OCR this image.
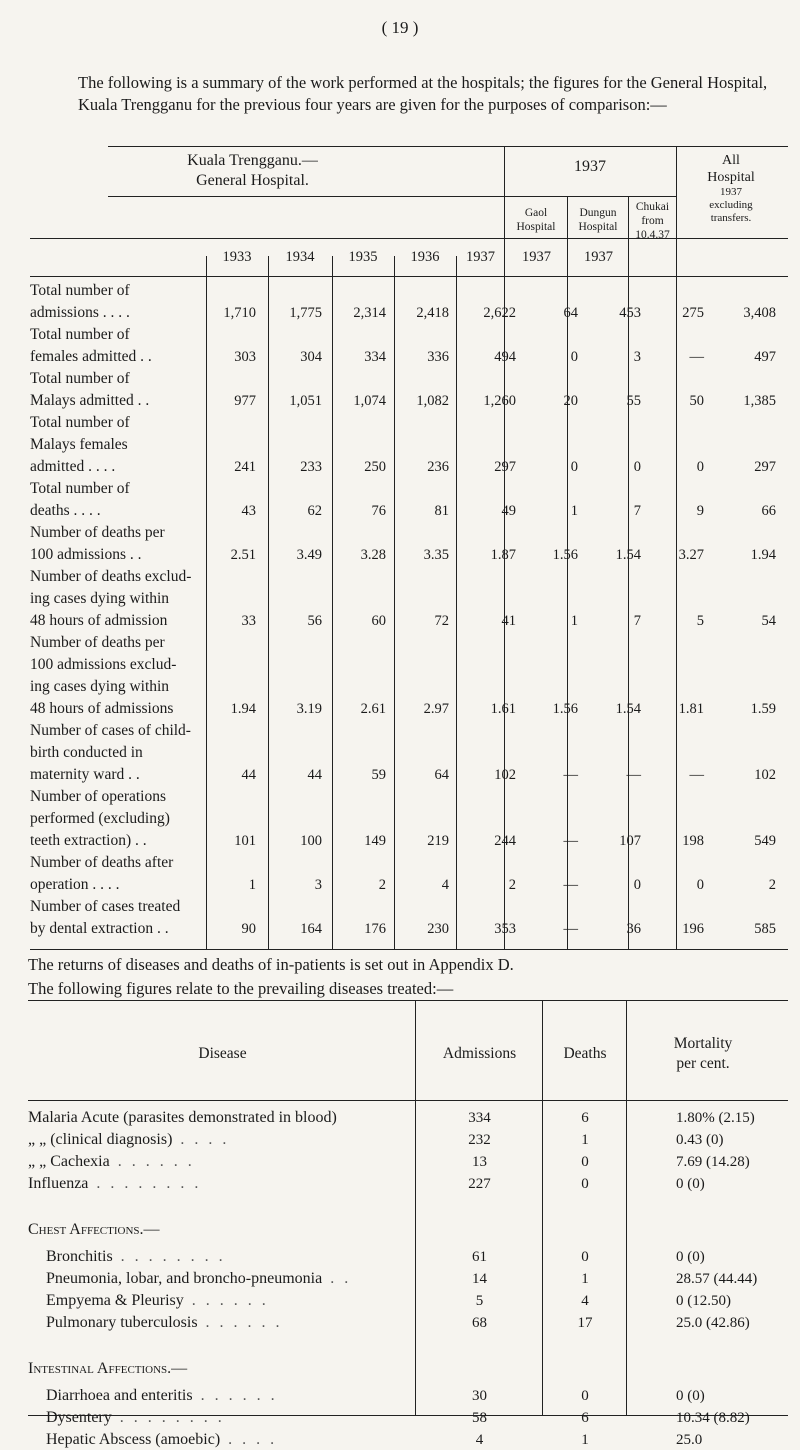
( 19 )
The following is a summary of the work performed at the hospitals; the figures for the General Hospital, Kuala Trengganu for the previous four years are given for the purposes of comparison:—
Kuala Trengganu.—
General Hospital.
1937	All
Hospital
1937
excluding
transfers.
Gaol
Hospital
Dungun
Hospital
Chukai
from
10.4.37
1933	1934	1935	1936	1937	1937	1937
Total number of
admissions . . . .	1,710	1,775	2,314	2,418	2,622	64	453	275	3,408
Total number of
females admitted . .	303	304	334	336	494	0	3	—	497
Total number of
Malays admitted . .	977	1,051	1,074	1,082	1,260	20	55	50	1,385
Total number of
Malays females
admitted . . . .	241	233	250	236	297	0	0	0	297
Total number of
deaths . . . .	43	62	76	81	49	1	7	9	66
Number of deaths per
100 admissions . .	2.51	3.49	3.28	3.35	1.87	1.56	1.54	3.27	1.94
Number of deaths exclud-
ing cases dying within
48 hours of admission	33	56	60	72	41	1	7	5	54
Number of deaths per
100 admissions exclud-
ing cases dying within
48 hours of admissions	1.94	3.19	2.61	2.97	1.61	1.56	1.54	1.81	1.59
Number of cases of child-
birth conducted in
maternity ward . .	44	44	59	64	102	—	—	—	102
Number of operations
performed (excluding)
teeth extraction) . .	101	100	149	219	244	—	107	198	549
Number of deaths after
operation . . . .	1	3	2	4	2	—	0	0	2
Number of cases treated
by dental extraction . .	90	164	176	230	353	—	36	196	585
The returns of diseases and deaths of in-patients is set out in Appendix D.
The following figures relate to the prevailing diseases treated:—
Disease	Admissions	Deaths
Mortality
per cent.
Malaria Acute (parasites demonstrated in blood)	334	6	1.80% (2.15)
„ „ (clinical diagnosis) . . . .	232	1	0.43 (0)
„ „ Cachexia . . . . . .	13	0	7.69 (14.28)
Influenza . . . . . . . .	227	0	0 (0)
Chest Affections.—
Bronchitis . . . . . . . .	61	0	0 (0)
Pneumonia, lobar, and broncho-pneumonia . .	14	1	28.57 (44.44)
Empyema & Pleurisy . . . . . .	5	4	0 (12.50)
Pulmonary tuberculosis . . . . . .	68	17	25.0 (42.86)
Intestinal Affections.—
Diarrhoea and enteritis . . . . . .	30	0	0 (0)
Dysentery . . . . . . . .	58	6	10.34 (8.82)
Hepatic Abscess (amoebic) . . . .	4	1	25.0
